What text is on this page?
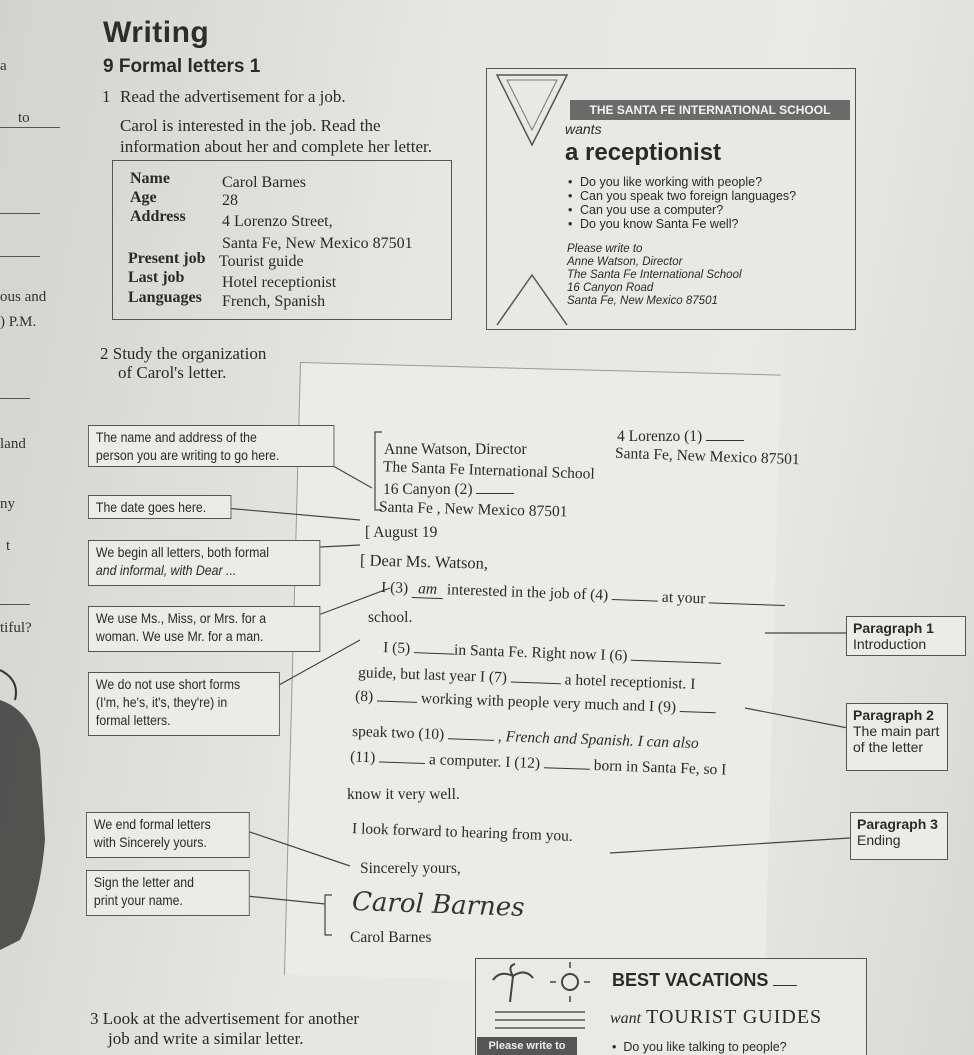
a
to
ous and
) P.M.
land
ny
t
tiful?
Writing
9 Formal letters 1
1 Read the advertisement for a job.
Carol is interested in the job. Read the
information about her and complete her letter.
Name	Carol Barnes
Age	28
Address 4 Lorenzo Street,
Santa Fe, New Mexico 87501
Present job Tourist guide
Last job Hotel receptionist
Languages French, Spanish
THE SANTA FE INTERNATIONAL SCHOOL
wants
a receptionist
• Do you like working with people?
• Can you speak two foreign languages?
• Can you use a computer?
• Do you know Santa Fe well?
Please write to
Anne Watson, Director
The Santa Fe International School
16 Canyon Road
Santa Fe, New Mexico 87501
2 Study the organization
of Carol's letter.
The name and address of the
person you are writing to go here.
The date goes here.
We begin all letters, both formal
and informal, with Dear ...
We use Ms., Miss, or Mrs. for a
woman. We use Mr. for a man.
We do not use short forms
(I'm, he's, it's, they're) in
formal letters.
We end formal letters
with Sincerely yours.
Sign the letter and
print your name.
Paragraph 1
Introduction
Paragraph 2
The main part
of the letter
Paragraph 3
Ending
4 Lorenzo (1)
Santa Fe, New Mexico 87501
Anne Watson, Director
The Santa Fe International School
16 Canyon (2)
Santa Fe , New Mexico 87501
[ August 19
[ Dear Ms. Watson,
I (3) am interested in the job of (4)	at your
school.
I (5)	in Santa Fe. Right now I (6)
guide, but last year I (7)	a hotel receptionist. I
(8)	working with people very much and I (9)
speak two (10)	, French and Spanish. I can also
(11)	a computer. I (12)	born in Santa Fe, so I
know it very well.
I look forward to hearing from you.
Sincerely yours,
Carol Barnes
Carol Barnes
BEST VACATIONS
want TOURIST GUIDES
Please write to	•  Do you like talking to people?
3 Look at the advertisement for another
job and write a similar letter.
